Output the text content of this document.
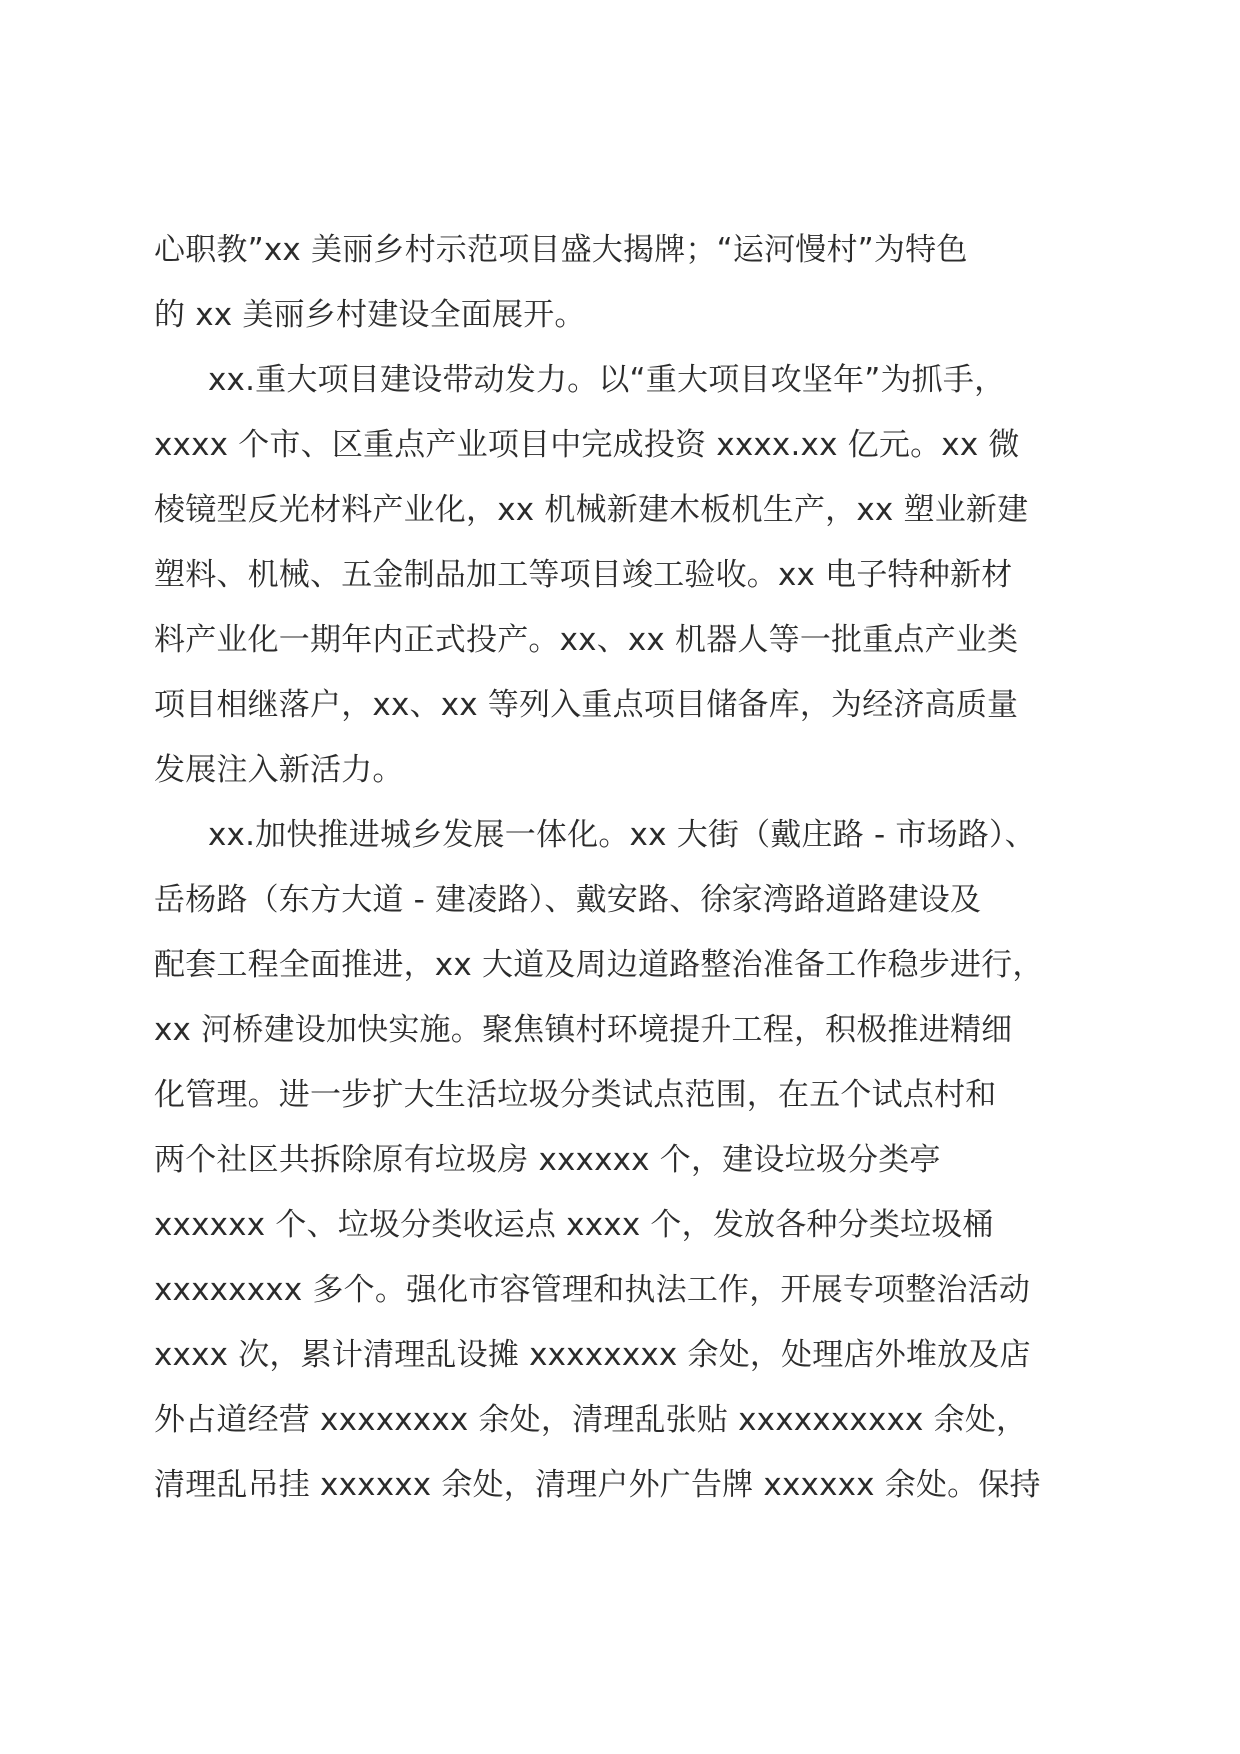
心职教”xx 美丽乡村示范项目盛大揭牌；“运河慢村”为特色
的 xx 美丽乡村建设全面展开。
xx.重大项目建设带动发力。以“重大项目攻坚年”为抓手，
xxxx 个市、区重点产业项目中完成投资 xxxx.xx 亿元。xx 微
棱镜型反光材料产业化，xx 机械新建木板机生产，xx 塑业新建
塑料、机械、五金制品加工等项目竣工验收。xx 电子特种新材
料产业化一期年内正式投产。xx、xx 机器人等一批重点产业类
项目相继落户，xx、xx 等列入重点项目储备库，为经济高质量
发展注入新活力。
xx.加快推进城乡发展一体化。xx 大街（戴庄路 - 市场路）、
岳杨路（东方大道 - 建凌路）、戴安路、徐家湾路道路建设及
配套工程全面推进，xx 大道及周边道路整治准备工作稳步进行，
xx 河桥建设加快实施。聚焦镇村环境提升工程，积极推进精细
化管理。进一步扩大生活垃圾分类试点范围，在五个试点村和
两个社区共拆除原有垃圾房 xxxxxx 个，建设垃圾分类亭
xxxxxx 个、垃圾分类收运点 xxxx 个，发放各种分类垃圾桶
xxxxxxxx 多个。强化市容管理和执法工作，开展专项整治活动
xxxx 次，累计清理乱设摊 xxxxxxxx 余处，处理店外堆放及店
外占道经营 xxxxxxxx 余处，清理乱张贴 xxxxxxxxxx 余处，
清理乱吊挂 xxxxxx 余处，清理户外广告牌 xxxxxx 余处。保持
